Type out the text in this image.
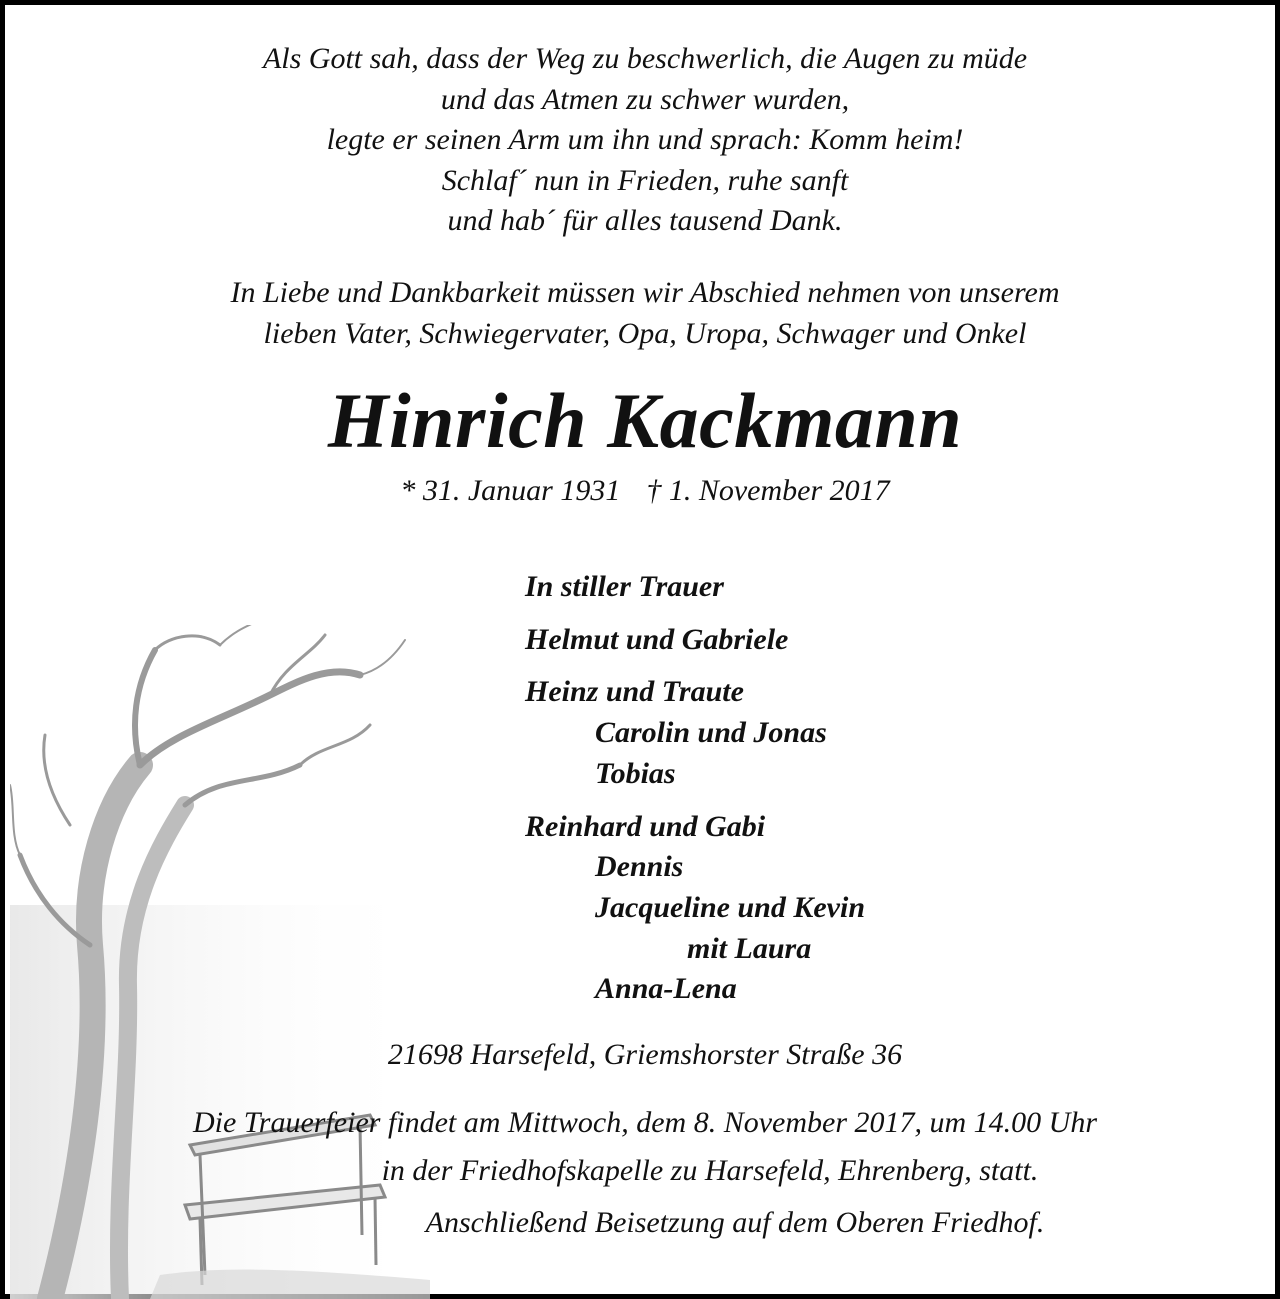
Als Gott sah, dass der Weg zu beschwerlich, die Augen zu müde
und das Atmen zu schwer wurden,
legte er seinen Arm um ihn und sprach: Komm heim!
Schlaf´ nun in Frieden, ruhe sanft
und hab´ für alles tausend Dank.
In Liebe und Dankbarkeit müssen wir Abschied nehmen von unserem
lieben Vater, Schwiegervater, Opa, Uropa, Schwager und Onkel
Hinrich Kackmann
* 31. Januar 1931 † 1. November 2017
In stiller Trauer
Helmut und Gabriele
Heinz und Traute
Carolin und Jonas
Tobias
Reinhard und Gabi
Dennis
Jacqueline und Kevin
mit Laura
Anna-Lena
21698 Harsefeld, Griemshorster Straße 36
Die Trauerfeier findet am Mittwoch, dem 8. November 2017, um 14.00 Uhr
in der Friedhofskapelle zu Harsefeld, Ehrenberg, statt.
Anschließend Beisetzung auf dem Oberen Friedhof.
